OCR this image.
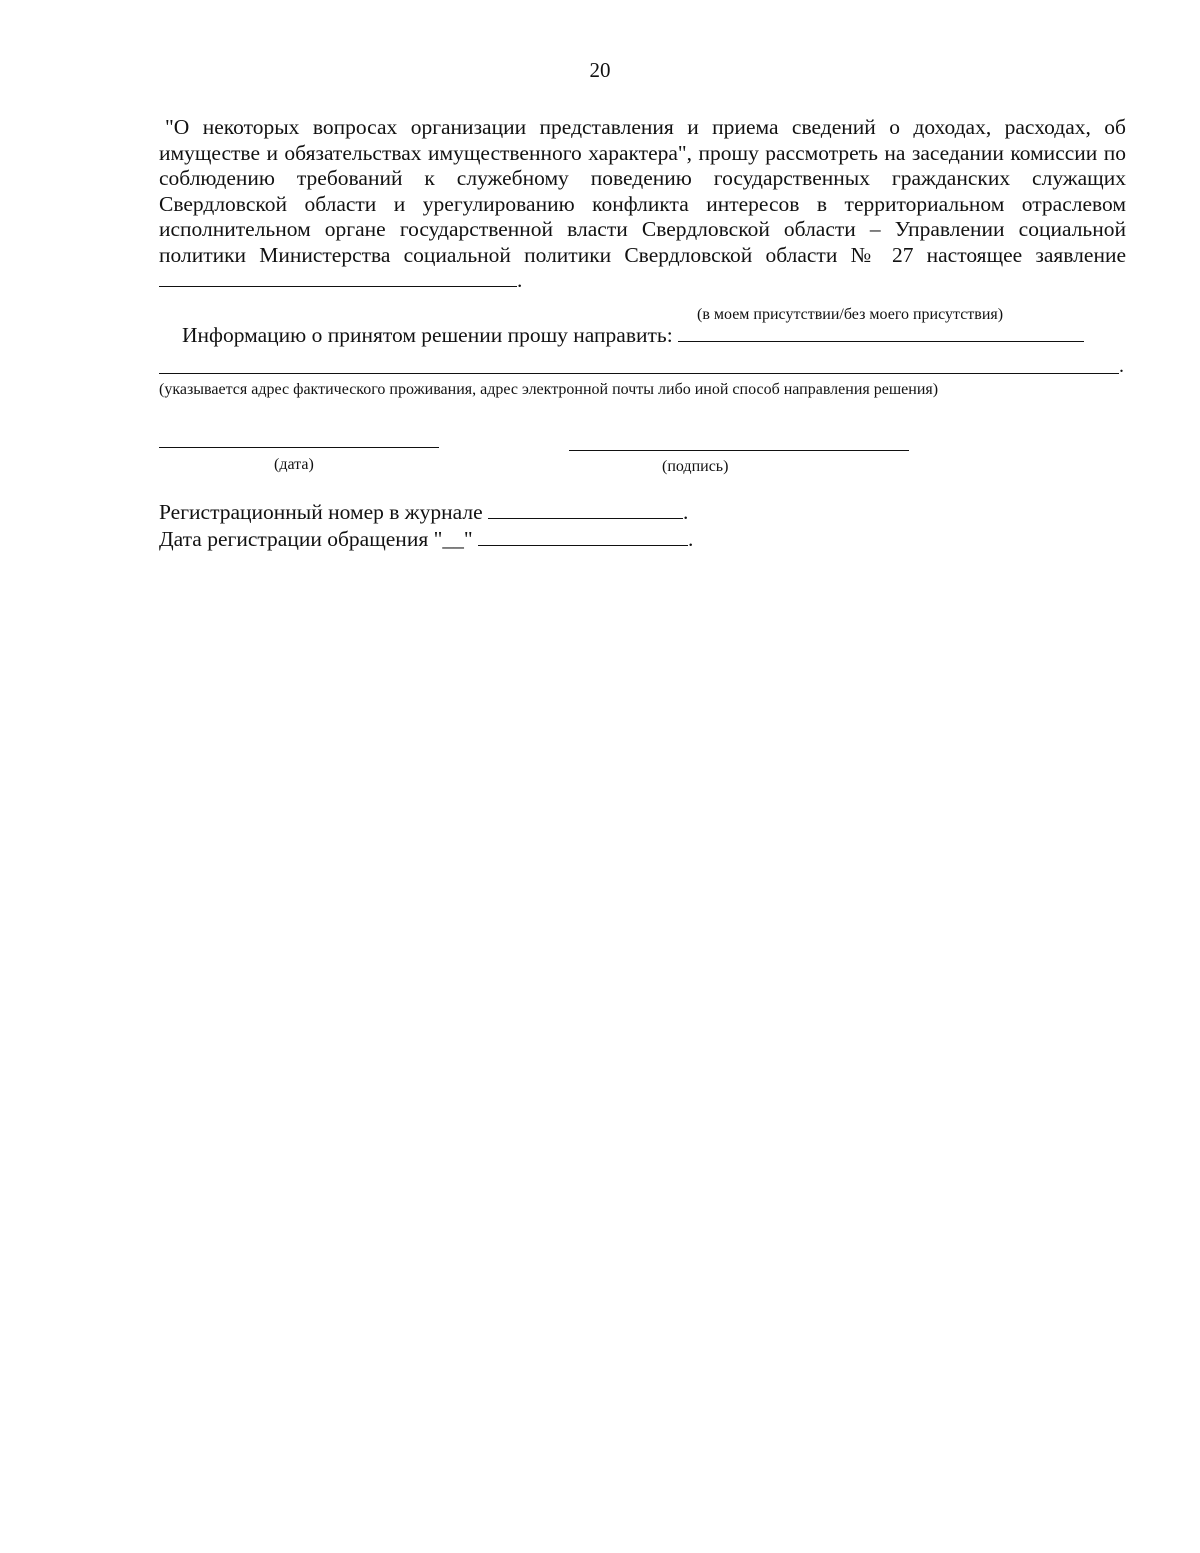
20
"О некоторых вопросах организации представления и приема сведений о доходах, расходах, об имуществе и обязательствах имущественного характера", прошу рассмотреть на заседании комиссии по соблюдению требований к служебному поведению государственных гражданских служащих Свердловской области и урегулированию конфликта интересов в территориальном отраслевом исполнительном органе государственной власти Свердловской области – Управлении социальной политики Министерства социальной политики Свердловской области № 27 настоящее заявление .
(в моем присутствии/без моего присутствия)
Информацию о принятом решении прошу направить:
.
(указывается адрес фактического проживания, адрес электронной почты либо иной способ направления решения)
(дата)	(подпись)
Регистрационный номер в журнале	.
Дата регистрации обращения "__"	.
